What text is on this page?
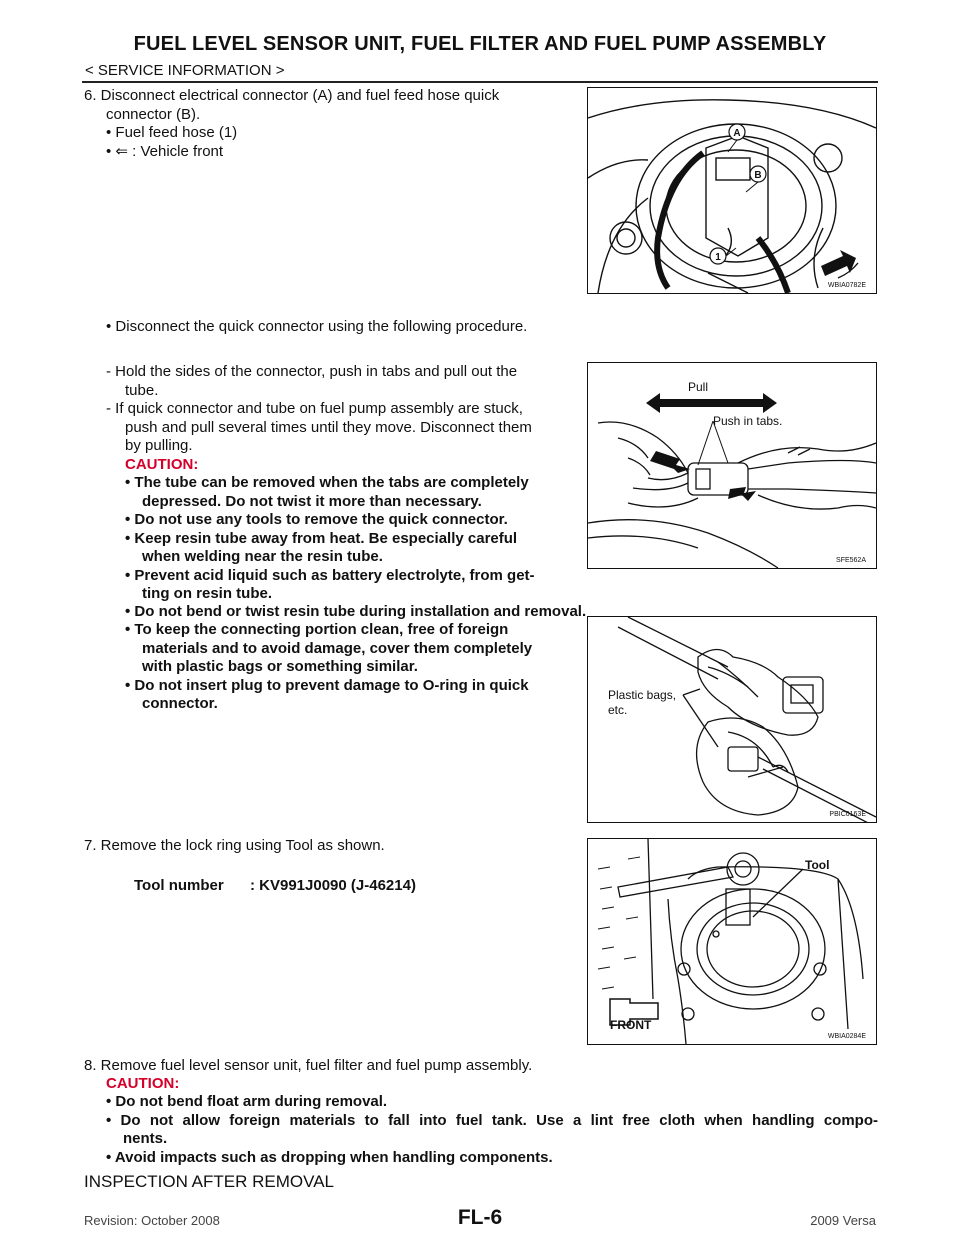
FUEL LEVEL SENSOR UNIT, FUEL FILTER AND FUEL PUMP ASSEMBLY
< SERVICE INFORMATION >
6. Disconnect electrical connector (A) and fuel feed hose quick
connector (B).
• Fuel feed hose (1)
• ⇐ : Vehicle front
• Disconnect the quick connector using the following procedure.
- Hold the sides of the connector, push in tabs and pull out the
tube.
- If quick connector and tube on fuel pump assembly are stuck,
push and pull several times until they move. Disconnect them
by pulling.
CAUTION:
• The tube can be removed when the tabs are completely
depressed. Do not twist it more than necessary.
• Do not use any tools to remove the quick connector.
• Keep resin tube away from heat. Be especially careful
when welding near the resin tube.
• Prevent acid liquid such as battery electrolyte, from get-
ting on resin tube.
• Do not bend or twist resin tube during installation and removal.
• To keep the connecting portion clean, free of foreign
materials and to avoid damage, cover them completely
with plastic bags or something similar.
• Do not insert plug to prevent damage to O-ring in quick
connector.
7. Remove the lock ring using Tool as shown.
Tool number : KV991J0090 (J-46214)
8. Remove fuel level sensor unit, fuel filter and fuel pump assembly.
CAUTION:
• Do not bend float arm during removal.
• Do not allow foreign materials to fall into fuel tank. Use a lint free cloth when handling compo-
nents.
• Avoid impacts such as dropping when handling components.
INSPECTION AFTER REMOVAL
A
B
1
WBIA0782E
Pull
Push in tabs.
SFE562A
Plastic bags,
etc.
PBIC0163E
Tool
FRONT
WBIA0284E
Revision: October 2008	FL-6	2009 Versa
